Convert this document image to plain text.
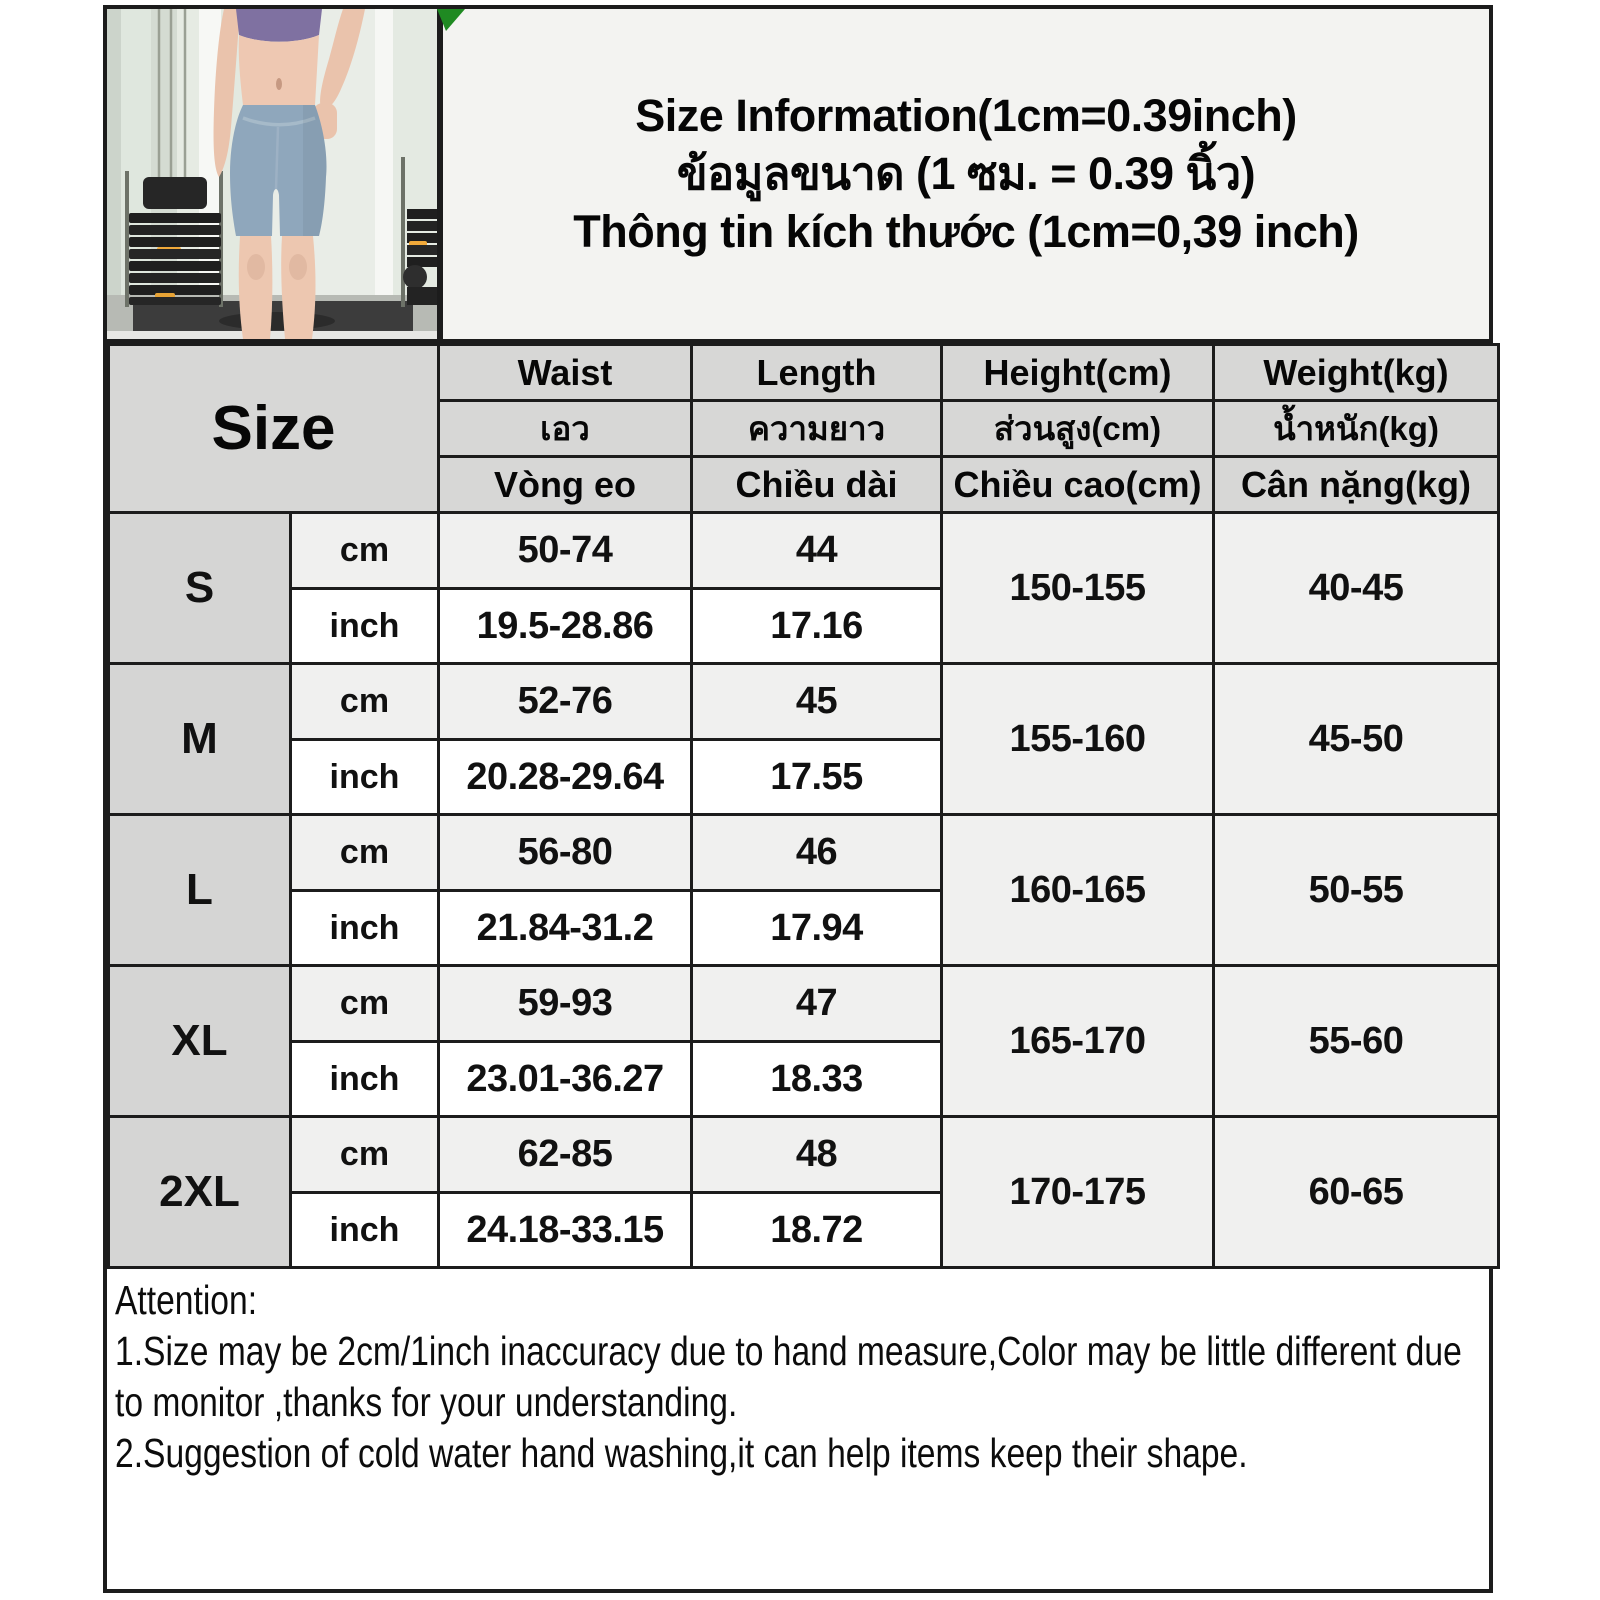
Size Information(1cm=0.39inch)
ข้อมูลขนาด (1 ซม. = 0.39 นิ้ว)
Thông tin kích thước (1cm=0,39 inch)
Size		Waist	Length	Height(cm)	Weight(kg)
		เอว	ความยาว	ส่วนสูง(cm)	น้ำหนัก(kg)
		Vòng eo	Chiều dài	Chiều cao(cm)	Cân nặng(kg)
S	cm	50-74	44	150-155	40-45
	inch	19.5-28.86	17.16		
M	cm	52-76	45	155-160	45-50
	inch	20.28-29.64	17.55		
L	cm	56-80	46	160-165	50-55
	inch	21.84-31.2	17.94		
XL	cm	59-93	47	165-170	55-60
	inch	23.01-36.27	18.33		
2XL	cm	62-85	48	170-175	60-65
	inch	24.18-33.15	18.72		

Attention:

1.Size may be 2cm/1inch inaccuracy due to hand measure,Color may be little different due to monitor ,thanks for your understanding.

2.Suggestion of cold water hand washing,it can help items keep their shape.
